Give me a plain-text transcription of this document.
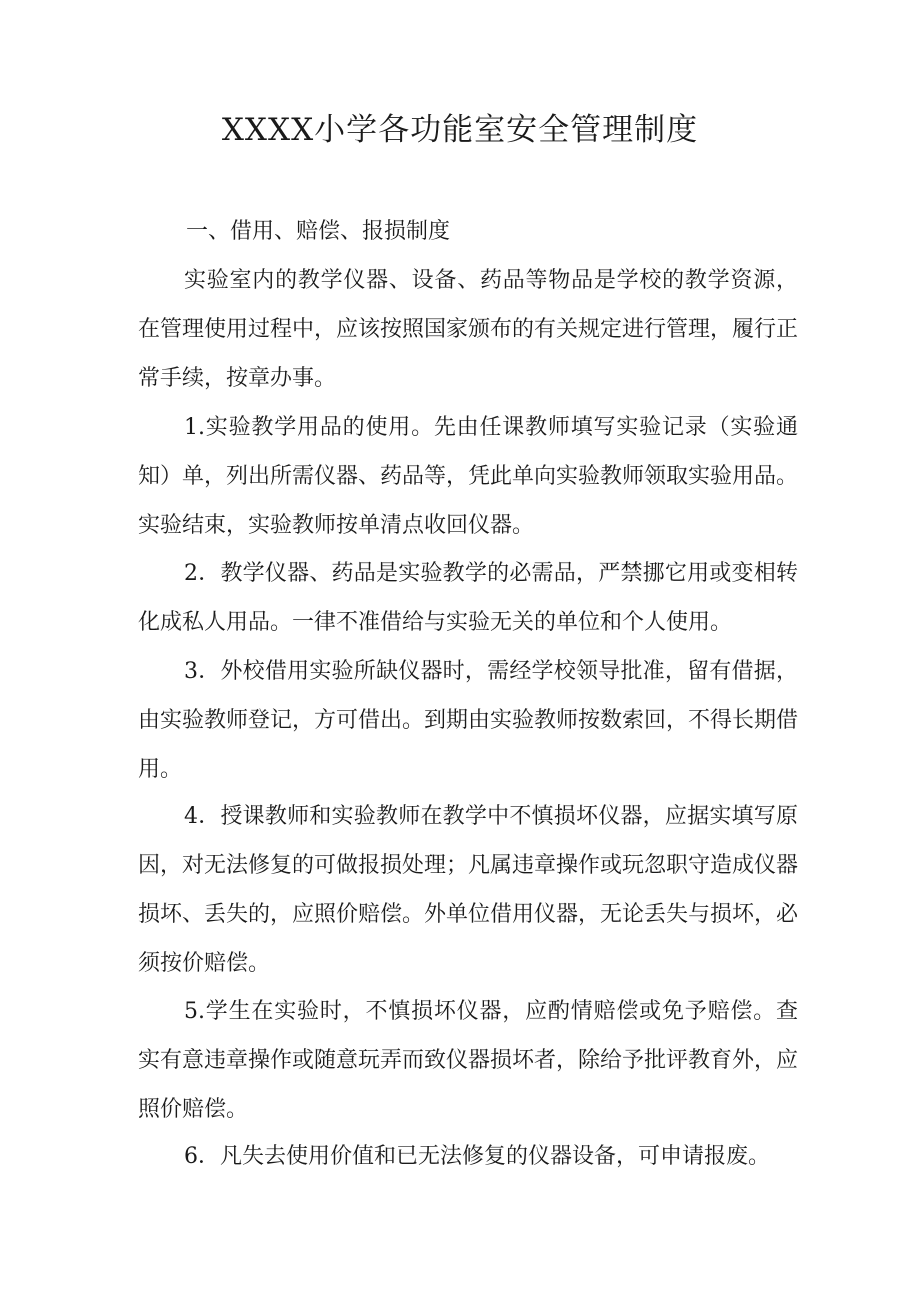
XXXX小学各功能室安全管理制度
一、借用、赔偿、报损制度

实验室内的教学仪器、设备、药品等物品是学校的教学资源，在管理使用过程中，应该按照国家颁布的有关规定进行管理，履行正常手续，按章办事。

1.实验教学用品的使用。先由任课教师填写实验记录（实验通知）单，列出所需仪器、药品等，凭此单向实验教师领取实验用品。实验结束，实验教师按单清点收回仪器。

2．教学仪器、药品是实验教学的必需品，严禁挪它用或变相转化成私人用品。一律不准借给与实验无关的单位和个人使用。

3．外校借用实验所缺仪器时，需经学校领导批准，留有借据，由实验教师登记，方可借出。到期由实验教师按数索回，不得长期借用。

4．授课教师和实验教师在教学中不慎损坏仪器，应据实填写原因，对无法修复的可做报损处理；凡属违章操作或玩忽职守造成仪器损坏、丢失的，应照价赔偿。外单位借用仪器，无论丢失与损坏，必须按价赔偿。

5.学生在实验时，不慎损坏仪器，应酌情赔偿或免予赔偿。查实有意违章操作或随意玩弄而致仪器损坏者，除给予批评教育外，应照价赔偿。

6．凡失去使用价值和已无法修复的仪器设备，可申请报废。
